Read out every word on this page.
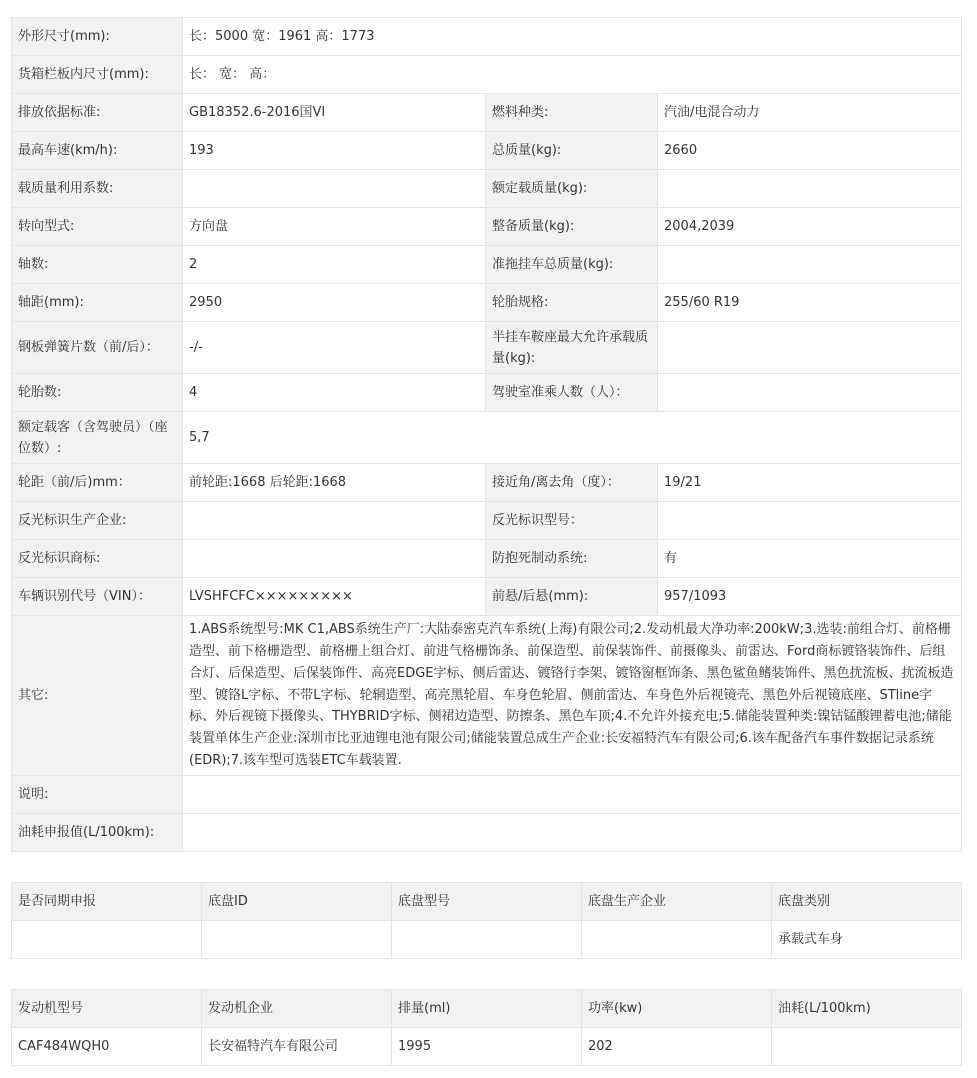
外形尺寸(mm):	长：5000 宽：1961 高：1773		
货箱栏板内尺寸(mm):	长： 宽： 高：		
排放依据标准:	GB18352.6-2016国VI	燃料种类:	汽油/电混合动力
最高车速(km/h):	193	总质量(kg):	2660
载质量利用系数:		额定载质量(kg):	
转向型式:	方向盘	整备质量(kg):	2004,2039
轴数:	2	准拖挂车总质量(kg):	
轴距(mm):	2950	轮胎规格:	255/60 R19
钢板弹簧片数（前/后）：	-/-	半挂车鞍座最大允许承载质量(kg):	
轮胎数:	4	驾驶室准乘人数（人）：	
额定载客（含驾驶员）（座位数）:	5,7		
轮距（前/后)mm：	前轮距:1668 后轮距:1668	接近角/离去角（度）：	19/21
反光标识生产企业:		反光标识型号：	
反光标识商标:		防抱死制动系统:	有
车辆识别代号（VIN）：	LVSHFCFC×××××××××	前悬/后悬(mm):	957/1093
其它:	1.ABS系统型号:MK C1,ABS系统生产厂:大陆泰密克汽车系统(上海)有限公司;2.发动机最大净功率:200kW;3.选装:前组合灯、前格栅造型、前下格栅造型、前格栅上组合灯、前进气格栅饰条、前保造型、前保装饰件、前摄像头、前雷达、Ford商标镀铬装饰件、后组合灯、后保造型、后保装饰件、高亮EDGE字标、侧后雷达、镀铬行李架、镀铬窗框饰条、黑色鲨鱼鳍装饰件、黑色扰流板、扰流板造型、镀铬L字标、不带L字标、轮辋造型、高亮黑轮眉、车身色轮眉、侧前雷达、车身色外后视镜壳、黑色外后视镜底座、STline字标、外后视镜下摄像头、THYBRID字标、侧裙边造型、防擦条、黑色车顶;4.不允许外接充电;5.储能装置种类:镍钴锰酸锂蓄电池;储能装置单体生产企业:深圳市比亚迪锂电池有限公司;储能装置总成生产企业:长安福特汽车有限公司;6.该车配备汽车事件数据记录系统(EDR);7.该车型可选装ETC车载装置.		
说明:			
油耗申报值(L/100km):			
是否同期申报	底盘ID	底盘型号	底盘生产企业	底盘类别
				承载式车身
发动机型号	发动机企业	排量(ml)	功率(kw)	油耗(L/100km)
CAF484WQH0	长安福特汽车有限公司	1995	202	
